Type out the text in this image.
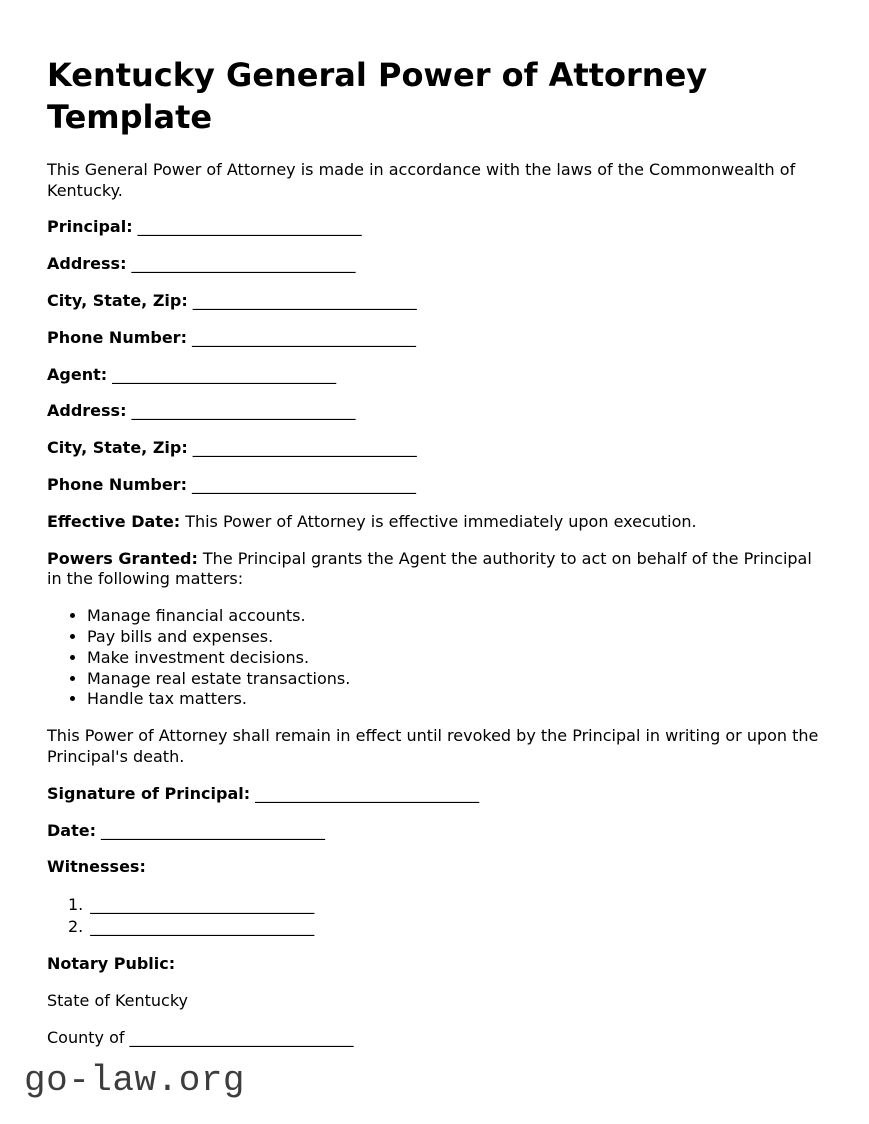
Kentucky General Power of Attorney Template

This General Power of Attorney is made in accordance with the laws of the Commonwealth of Kentucky.

Principal: ____________________________

Address: ____________________________

City, State, Zip: ____________________________

Phone Number: ____________________________

Agent: ____________________________

Address: ____________________________

City, State, Zip: ____________________________

Phone Number: ____________________________

Effective Date: This Power of Attorney is effective immediately upon execution.

Powers Granted: The Principal grants the Agent the authority to act on behalf of the Principal in the following matters:

• Manage financial accounts.
• Pay bills and expenses.
• Make investment decisions.
• Manage real estate transactions.
• Handle tax matters.

This Power of Attorney shall remain in effect until revoked by the Principal in writing or upon the Principal's death.

Signature of Principal: ____________________________

Date: ____________________________

Witnesses:

1. ____________________________
2. ____________________________

Notary Public:

State of Kentucky

County of ____________________________

go-law.org
